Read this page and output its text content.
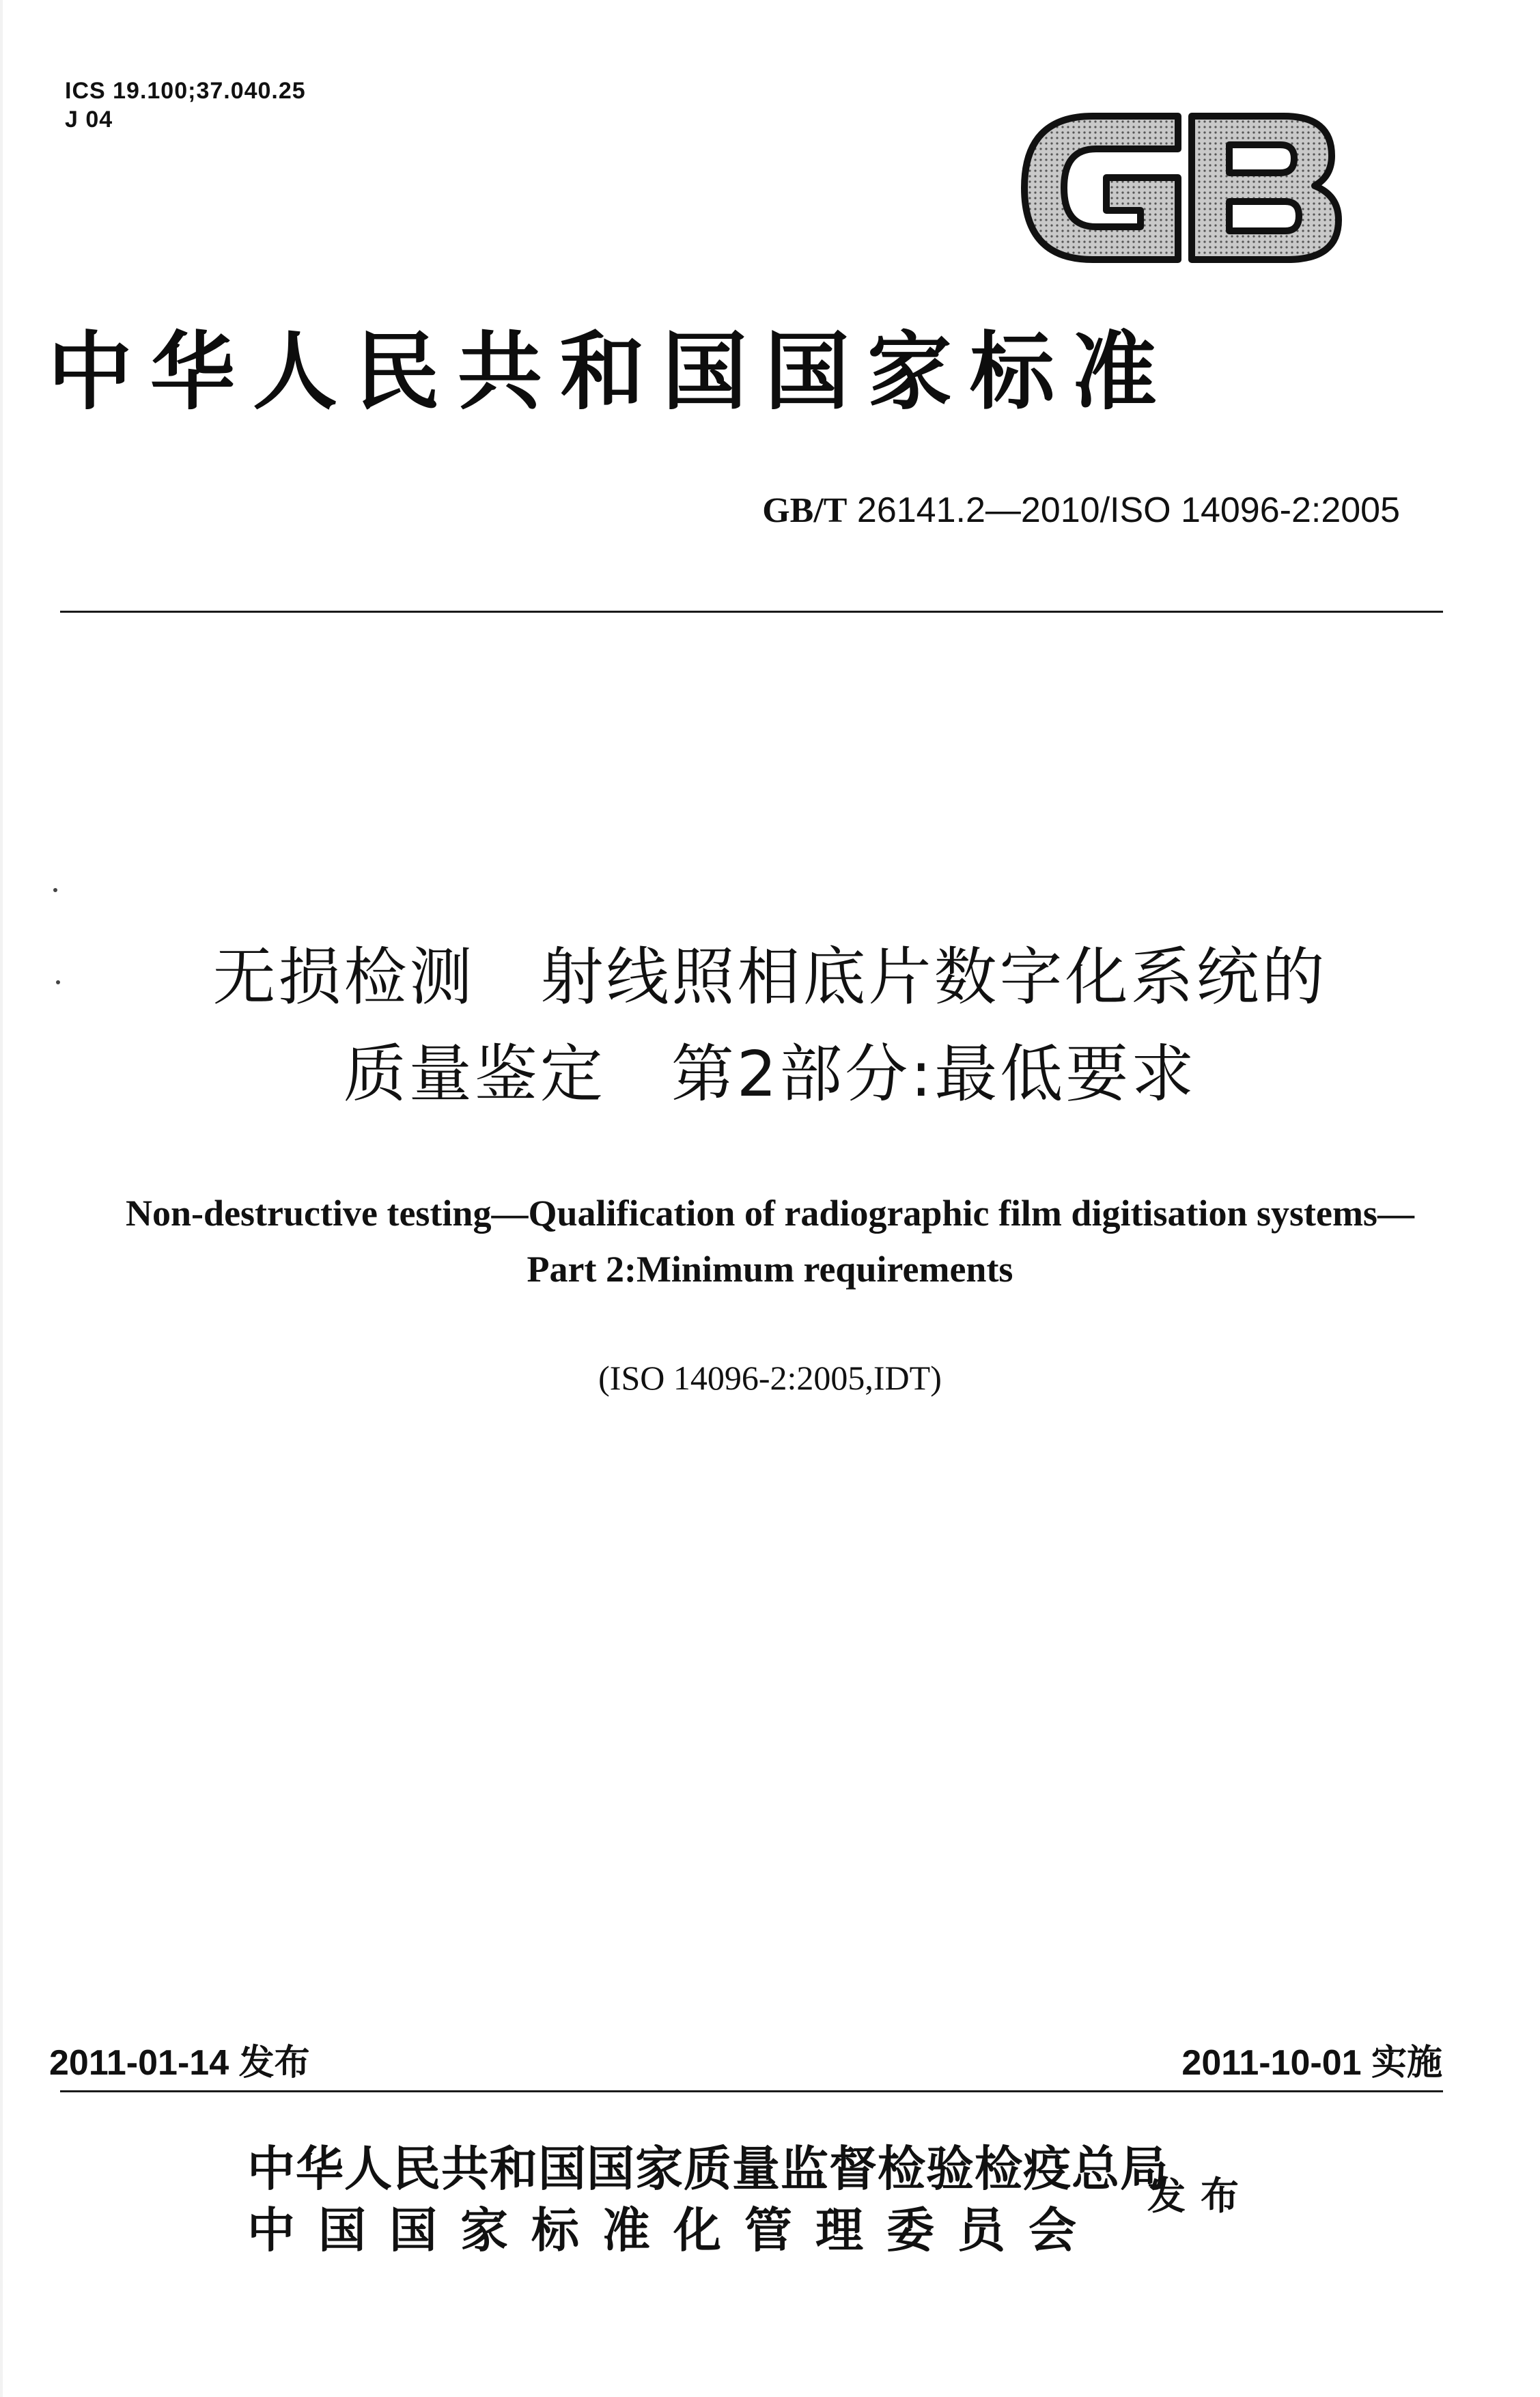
ICS 19.100;37.040.25
J 04
中华人民共和国国家标准
GB/T 26141.2—2010/ISO 14096-2:2005
无损检测　射线照相底片数字化系统的
质量鉴定　第2部分:最低要求
Non-destructive testing—Qualification of radiographic film digitisation systems—
Part 2:Minimum requirements
(ISO 14096-2:2005,IDT)
2011-01-14 发布	2011-10-01 实施
中华人民共和国国家质量监督检验检疫总局
中国国家标准化管理委员会
发布
